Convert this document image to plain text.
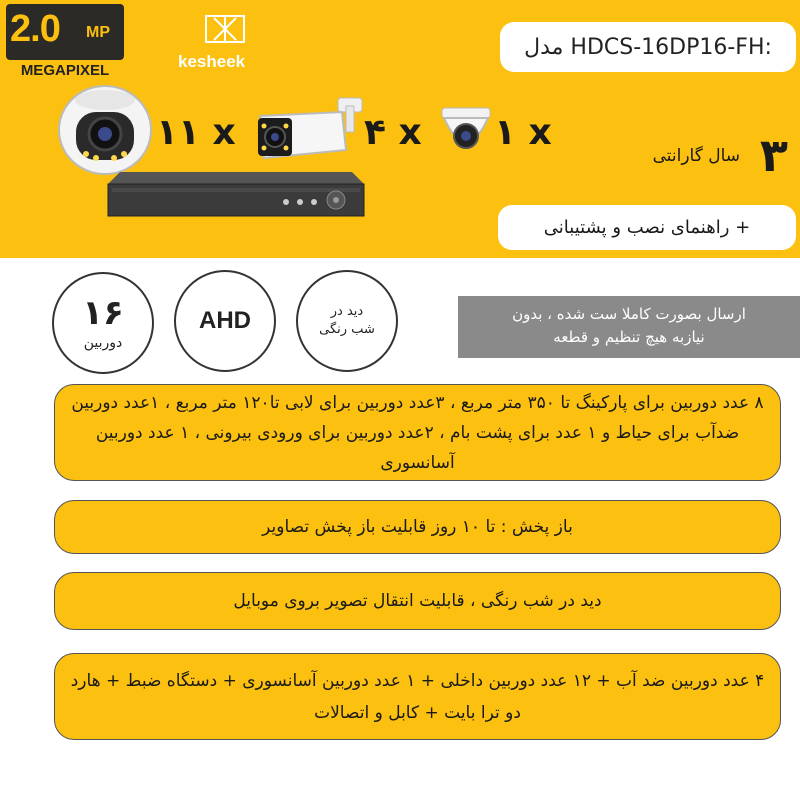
2.0 MP
MEGAPIXEL	kesheek
مدل HDCS-16DP16-FH:
۱۱ x	۴ x ۱ x	۳
سال گارانتی
+ راهنمای نصب و پشتیبانی
۱۶
دوربین
AHD	دید در
شب رنگی
ارسال بصورت کاملا ست شده ، بدون
نیازبه هیچ تنظیم و قطعه
۸ عدد دوربین برای پارکینگ تا ۳۵۰ متر مربع ، ۳عدد دوربین برای لابی تا۱۲۰ متر مربع ، ۱عدد دوربین ضدآب برای حیاط و ۱ عدد برای پشت بام ، ۲عدد دوربین برای ورودی بیرونی ، ۱ عدد دوربین آسانسوری
باز پخش : تا ۱۰ روز قابلیت باز پخش تصاویر
دید در شب رنگی ، قابلیت انتقال تصویر بروی موبایل
۴ عدد دوربین ضد آب + ۱۲ عدد دوربین داخلی + ۱ عدد دوربین آسانسوری + دستگاه ضبط + هارد دو ترا بایت + کابل و اتصالات
